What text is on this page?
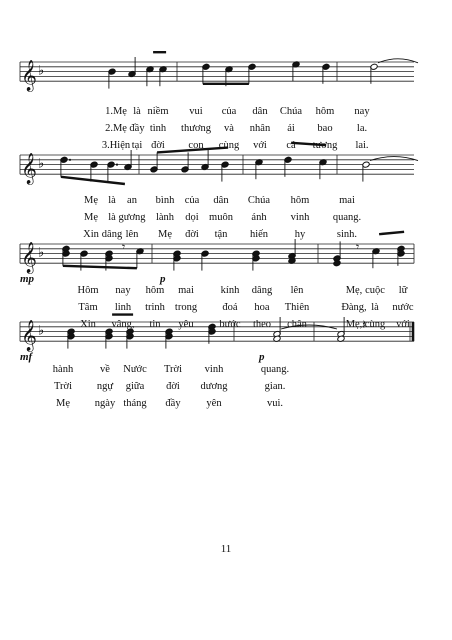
𝄞 ♭
𝄞 ♭
𝄞 ♭	𝄾	𝄾
𝄞 ♭	𝄽
1.Mẹ là niềm vui của dân Chúa hôm nay
2.Mẹ đầy tình thương và nhân ái bao la.
3.Hiện tại đời con cùng với cả tương lai.
Mẹ là an bình của dân Chúa hôm	mai
Mẹ là gương lành dọi muôn ánh vinh quang.
Xin dâng lên Mẹ đời tận hiến	hy	sinh.
Hôm nay hôm mai	kính dâng lên	Mẹ, cuộc lữ
Tâm linh trinh trong đoá hoa Thiên	Đàng, là nước
Xin vâng, tin yêu bước theo chân	Mẹ, cùng với
hành	về Nước Trời vinh	quang.
Trời ngự giữa đời dương	gian.
Mẹ ngày tháng đầy yên	vui.
mp	p
mf	p
11
